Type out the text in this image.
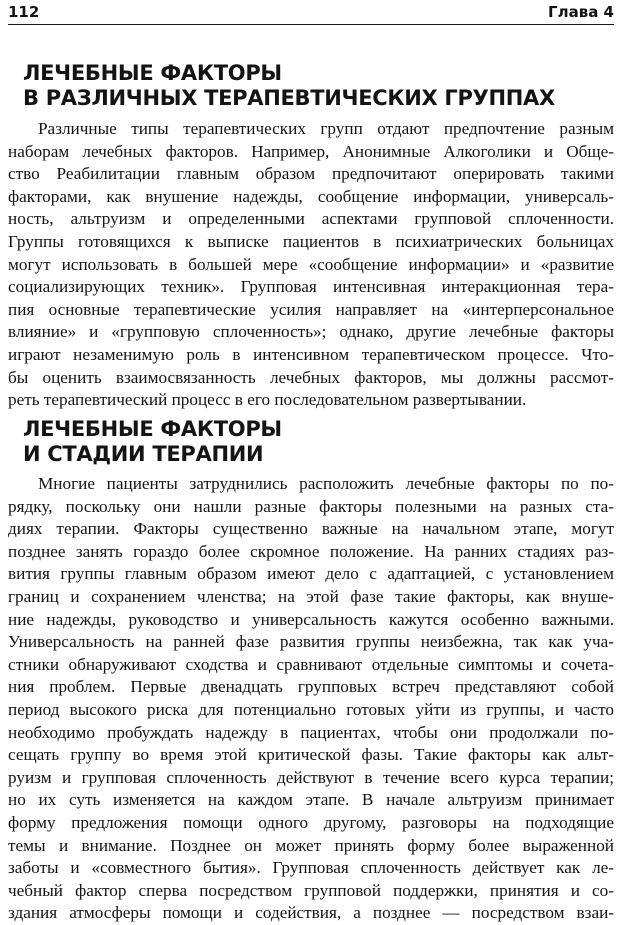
112	Глава 4
ЛЕЧЕБНЫЕ ФАКТОРЫ
В РАЗЛИЧНЫХ ТЕРАПЕВТИЧЕСКИХ ГРУППАХ
Различные типы терапевтических групп отдают предпочтение разным
наборам лечебных факторов. Например, Анонимные Алкоголики и Обще-
ство Реабилитации главным образом предпочитают оперировать такими
факторами, как внушение надежды, сообщение информации, универсаль-
ность, альтруизм и определенными аспектами групповой сплоченности.
Группы готовящихся к выписке пациентов в психиатрических больницах
могут использовать в большей мере «сообщение информации» и «развитие
социализирующих техник». Групповая интенсивная интеракционная тера-
пия основные терапевтические усилия направляет на «интерперсональное
влияние» и «групповую сплоченность»; однако, другие лечебные факторы
играют незаменимую роль в интенсивном терапевтическом процессе. Что-
бы оценить взаимосвязанность лечебных факторов, мы должны рассмот-
реть терапевтический процесс в его последовательном развертывании.
ЛЕЧЕБНЫЕ ФАКТОРЫ
И СТАДИИ ТЕРАПИИ
Многие пациенты затруднились расположить лечебные факторы по по-
рядку, поскольку они нашли разные факторы полезными на разных ста-
диях терапии. Факторы существенно важные на начальном этапе, могут
позднее занять гораздо более скромное положение. На ранних стадиях раз-
вития группы главным образом имеют дело с адаптацией, с установлением
границ и сохранением членства; на этой фазе такие факторы, как внуше-
ние надежды, руководство и универсальность кажутся особенно важными.
Универсальность на ранней фазе развития группы неизбежна, так как уча-
стники обнаруживают сходства и сравнивают отдельные симптомы и сочета-
ния проблем. Первые двенадцать групповых встреч представляют собой
период высокого риска для потенциально готовых уйти из группы, и часто
необходимо пробуждать надежду в пациентах, чтобы они продолжали по-
сещать группу во время этой критической фазы. Такие факторы как альт-
руизм и групповая сплоченность действуют в течение всего курса терапии;
но их суть изменяется на каждом этапе. В начале альтруизм принимает
форму предложения помощи одного другому, разговоры на подходящие
темы и внимание. Позднее он может принять форму более выраженной
заботы и «совместного бытия». Групповая сплоченность действует как ле-
чебный фактор сперва посредством групповой поддержки, принятия и со-
здания атмосферы помощи и содействия, а позднее — посредством взаи-
